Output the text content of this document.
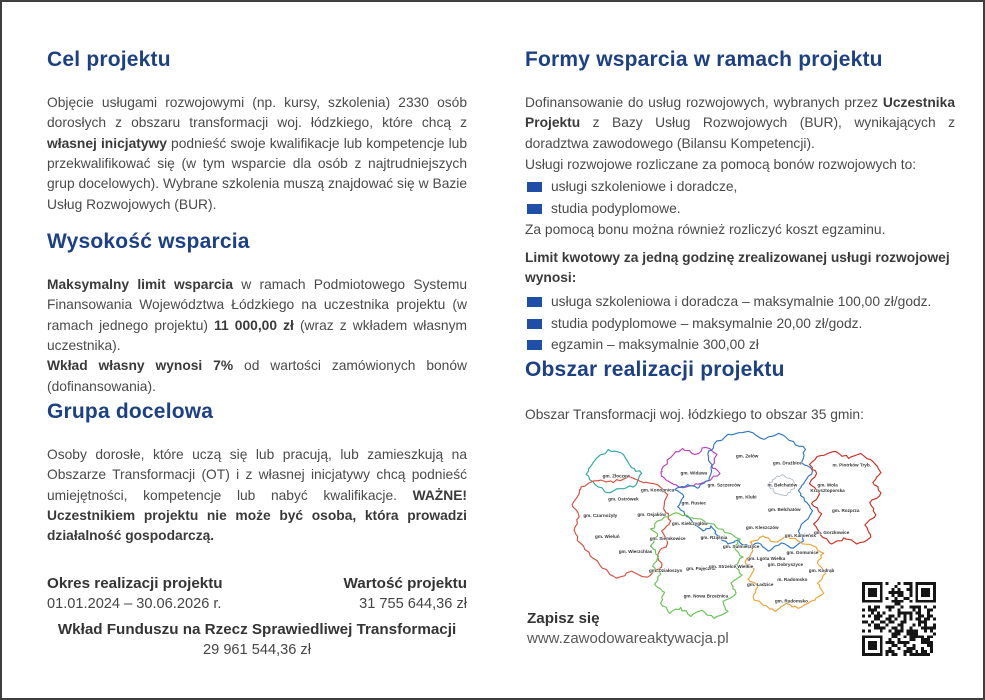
Cel projektu

Objęcie usługami rozwojowymi (np. kursy, szkolenia) 2330 osób dorosłych z obszaru transformacji woj. łódzkiego, które chcą z własnej inicjatywy podnieść swoje kwalifikacje lub kompetencje lub przekwalifikować się (w tym wsparcie dla osób z najtrudniejszych grup docelowych). Wybrane szkolenia muszą znajdować się w Bazie Usług Rozwojowych (BUR).

Wysokość wsparcia

Maksymalny limit wsparcia w ramach Podmiotowego Systemu Finansowania Województwa Łódzkiego na uczestnika projektu (w ramach jednego projektu) 11 000,00 zł (wraz z wkładem własnym uczestnika).

Wkład własny wynosi 7% od wartości zamówionych bonów (dofinansowania).

Grupa docelowa

Osoby dorosłe, które uczą się lub pracują, lub zamieszkują na Obszarze Transformacji (OT) i z własnej inicjatywy chcą podnieść umiejętności, kompetencje lub nabyć kwalifikacje. WAŻNE! Uczestnikiem projektu nie może być osoba, która prowadzi działalność gospodarczą.

Okres realizacji projektu
01.01.2024 – 30.06.2026 r.
Wartość projektu
31 755 644,36 zł
Wkład Funduszu na Rzecz Sprawiedliwej Transformacji
29 961 544,36 zł
Formy wsparcia w ramach projektu

Dofinansowanie do usług rozwojowych, wybranych przez Uczestnika Projektu z Bazy Usług Rozwojowych (BUR), wynikających z doradztwa zawodowego (Bilansu Kompetencji).

Usługi rozwojowe rozliczane za pomocą bonów rozwojowych to:

usługi szkoleniowe i doradcze,
studia podyplomowe.

Za pomocą bonu można również rozliczyć koszt egzaminu.

Limit kwotowy za jedną godzinę zrealizowanej usługi rozwojowej wynosi:

usługa szkoleniowa i doradcza – maksymalnie 100,00 zł/godz.
studia podyplomowe – maksymalnie 20,00 zł/godz.
egzamin – maksymalnie 300,00 zł
Obszar realizacji projektu

Obszar Transformacji woj. łódzkiego to obszar 35 gmin:

gm. Złoczew
gm. Widawa
gm. Zelów
gm. Drużbice	m. Piotrków Tryb.
gm. Konopnica
gm. Ostrówek
gm. Szczerców	m. Bełchatów	gm. Wola Krzysztoporska
gm. Rusiec
gm. Kluki
gm. Czarnożyły	gm. Osjaków
gm. Bełchatów	gm. Rozprza
gm. Kiełczygłów
gm. Wieluń	gm. Siemkowice	gm. Rząśnia
gm. Kleszczów
gm. Kamieńsk
gm. Gorzkowice
gm. Wierzchlas
gm. Sulmierzyce
gm. Lgota Wielka
gm. Gomunice
gm. Dobryszyce
gm. Kodrąb
gm. Działoszyn gm. Pajęczno
gm. Strzelce Wielkie
m. Radomsko
gm. Ładzice
gm. Radomsko
gm. Nowa Brzeźnica
Zapisz się
www.zawodowareaktywacja.pl
